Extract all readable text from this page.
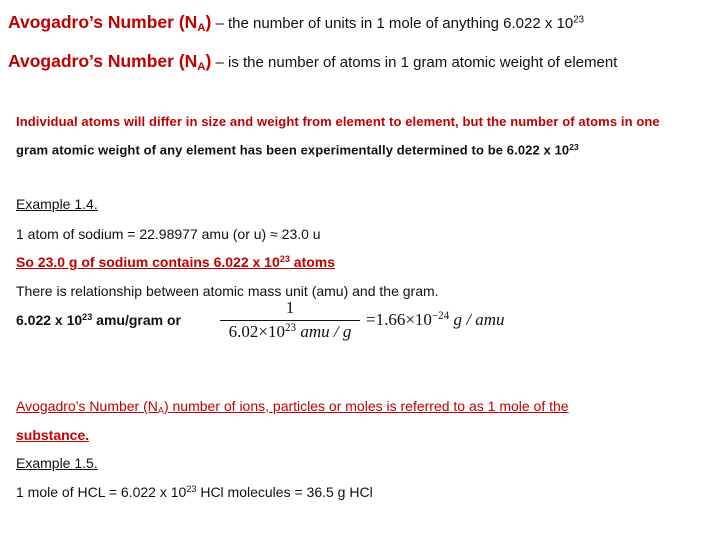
Avogadro’s Number $(N_A)$ – the number of units in 1 mole of anything 6.022 x $10^{23}$
Avogadro’s Number $(N_A)$ – is the number of atoms in 1 gram atomic weight of element
Individual atoms will differ in size and weight from element to element, but the number of atoms in one
gram atomic weight of any element has been experimentally determined to be 6.022 x $10^{23}$
Example 1.4.
1 atom of sodium = 22.98977 amu (or u) ≈ 23.0 u
So 23.0 g of sodium contains 6.022 x $10^{23}$ atoms
There is relationship between atomic mass unit (amu) and the gram.
6.022 x $10^{23}$ amu/gram or
1
$6.02\times 10^{23}$ amu / g
$=1.66\times 10^{-24}$ g / amu
Avogadro’s Number $(N_A)$ number of ions, particles or moles is referred to as 1 mole of the
substance.
Example 1.5.
1 mole of HCL = 6.022 x $10^{23}$ HCl molecules = 36.5 g HCl
